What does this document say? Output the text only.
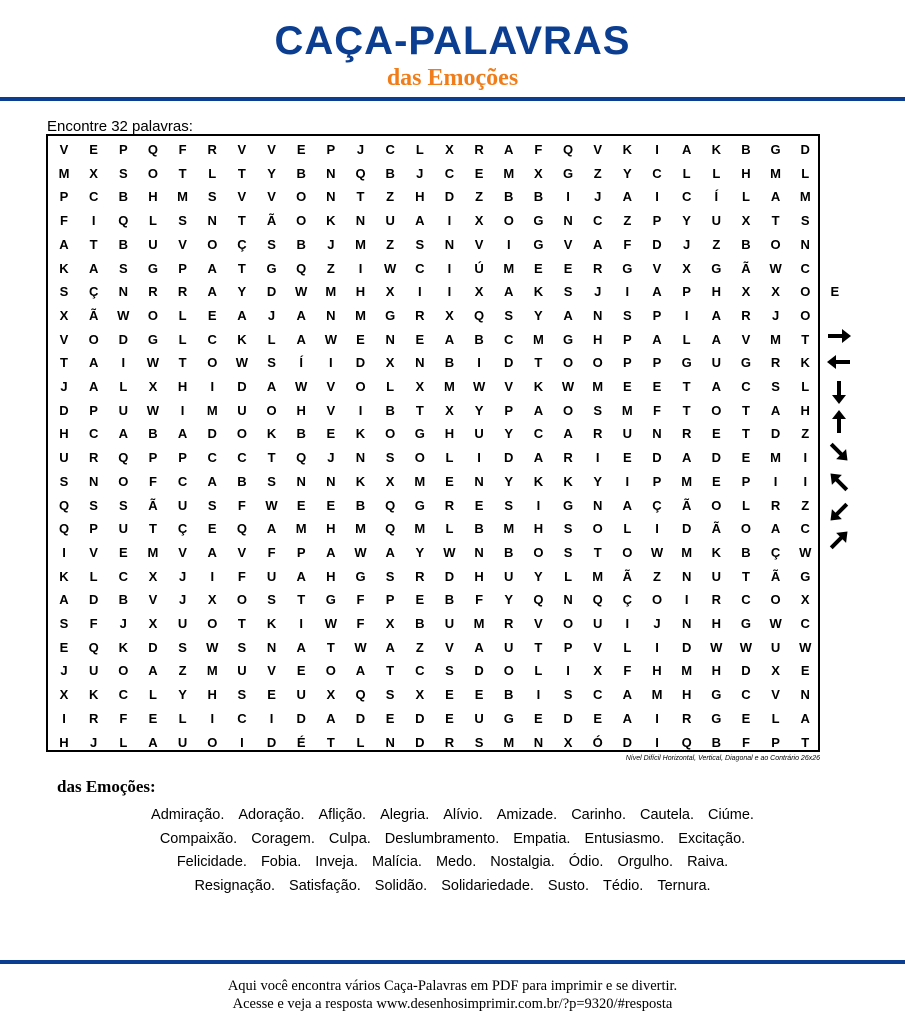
CAÇA-PALAVRAS
das Emoções
Encontre 32 palavras:
V	E	P	Q	F	R	V	V	E	P	J	C	L	X	R	A	F	Q	V	K	I	A	K	B	G	D
M	X	S	O	T	L	T	Y	B	N	Q	B	J	C	E	M	X	G	Z	Y	C	L	L	H	M	L
P	C	B	H	M	S	V	V	O	N	T	Z	H	D	Z	B	B	I	J	A	I	C	Í	L	A	M
F	I	Q	L	S	N	T	Ã	O	K	N	U	A	I	X	O	G	N	C	Z	P	Y	U	X	T	S
A	T	B	U	V	O	Ç	S	B	J	M	Z	S	N	V	I	G	V	A	F	D	J	Z	B	O	N
K	A	S	G	P	A	T	G	Q	Z	I	W	C	I	Ú	M	E	E	R	G	V	X	G	Ã	W	C
S	Ç	N	R	R	A	Y	D	W	M	H	X	I	I	X	A	K	S	J	I	A	P	H	X	X	O	E
X	Ã	W	O	L	E	A	J	A	N	M	G	R	X	Q	S	Y	A	N	S	P	I	A	R	J	O
V	O	D	G	L	C	K	L	A	W	E	N	E	A	B	C	M	G	H	P	A	L	A	V	M	T
T	A	I	W	T	O	W	S	Í	I	D	X	N	B	I	D	T	O	O	P	P	G	U	G	R	K
J	A	L	X	H	I	D	A	W	V	O	L	X	M	W	V	K	W	M	E	E	T	A	C	S	L
D	P	U	W	I	M	U	O	H	V	I	B	T	X	Y	P	A	O	S	M	F	T	O	T	A	H
H	C	A	B	A	D	O	K	B	E	K	O	G	H	U	Y	C	A	R	U	N	R	E	T	D	Z
U	R	Q	P	P	C	C	T	Q	J	N	S	O	L	I	D	A	R	I	E	D	A	D	E	M	I
S	N	O	F	C	A	B	S	N	N	K	X	M	E	N	Y	K	K	Y	I	P	M	E	P	I	I
Q	S	S	Ã	U	S	F	W	E	E	B	Q	G	R	E	S	I	G	N	A	Ç	Ã	O	L	R	Z
Q	P	U	T	Ç	E	Q	A	M	H	M	Q	M	L	B	M	H	S	O	L	I	D	Ã	O	A	C
I	V	E	M	V	A	V	F	P	A	W	A	Y	W	N	B	O	S	T	O	W	M	K	B	Ç	W
K	L	C	X	J	I	F	U	A	H	G	S	R	D	H	U	Y	L	M	Ã	Z	N	U	T	Ã	G
A	D	B	V	J	X	O	S	T	G	F	P	E	B	F	Y	Q	N	Q	Ç	O	I	R	C	O	X
S	F	J	X	U	O	T	K	I	W	F	X	B	U	M	R	V	O	U	I	J	N	H	G	W	C
E	Q	K	D	S	W	S	N	A	T	W	A	Z	V	A	U	T	P	V	L	I	D	W	W	U	W
J	U	O	A	Z	M	U	V	E	O	A	T	C	S	D	O	L	I	X	F	H	M	H	D	X	E
X	K	C	L	Y	H	S	E	U	X	Q	S	X	E	E	B	I	S	C	A	M	H	G	C	V	N
I	R	F	E	L	I	C	I	D	A	D	E	D	E	U	G	E	D	E	A	I	R	G	E	L	A
H	J	L	A	U	O	I	D	É	T	L	N	D	R	S	M	N	X	Ó	D	I	Q	B	F	P	T
Nível Difícil Horizontal, Vertical, Diagonal e ao Contrário 26x26
das Emoções:
Admiração. Adoração. Aflição. Alegria. Alívio. Amizade. Carinho. Cautela. Ciúme.
Compaixão. Coragem. Culpa. Deslumbramento. Empatia. Entusiasmo. Excitação.
Felicidade. Fobia. Inveja. Malícia. Medo. Nostalgia. Ódio. Orgulho. Raiva.
Resignação. Satisfação. Solidão. Solidariedade. Susto. Tédio. Ternura.
Aqui você encontra vários Caça-Palavras em PDF para imprimir e se divertir.
Acesse e veja a resposta www.desenhosimprimir.com.br/?p=9320/#resposta
